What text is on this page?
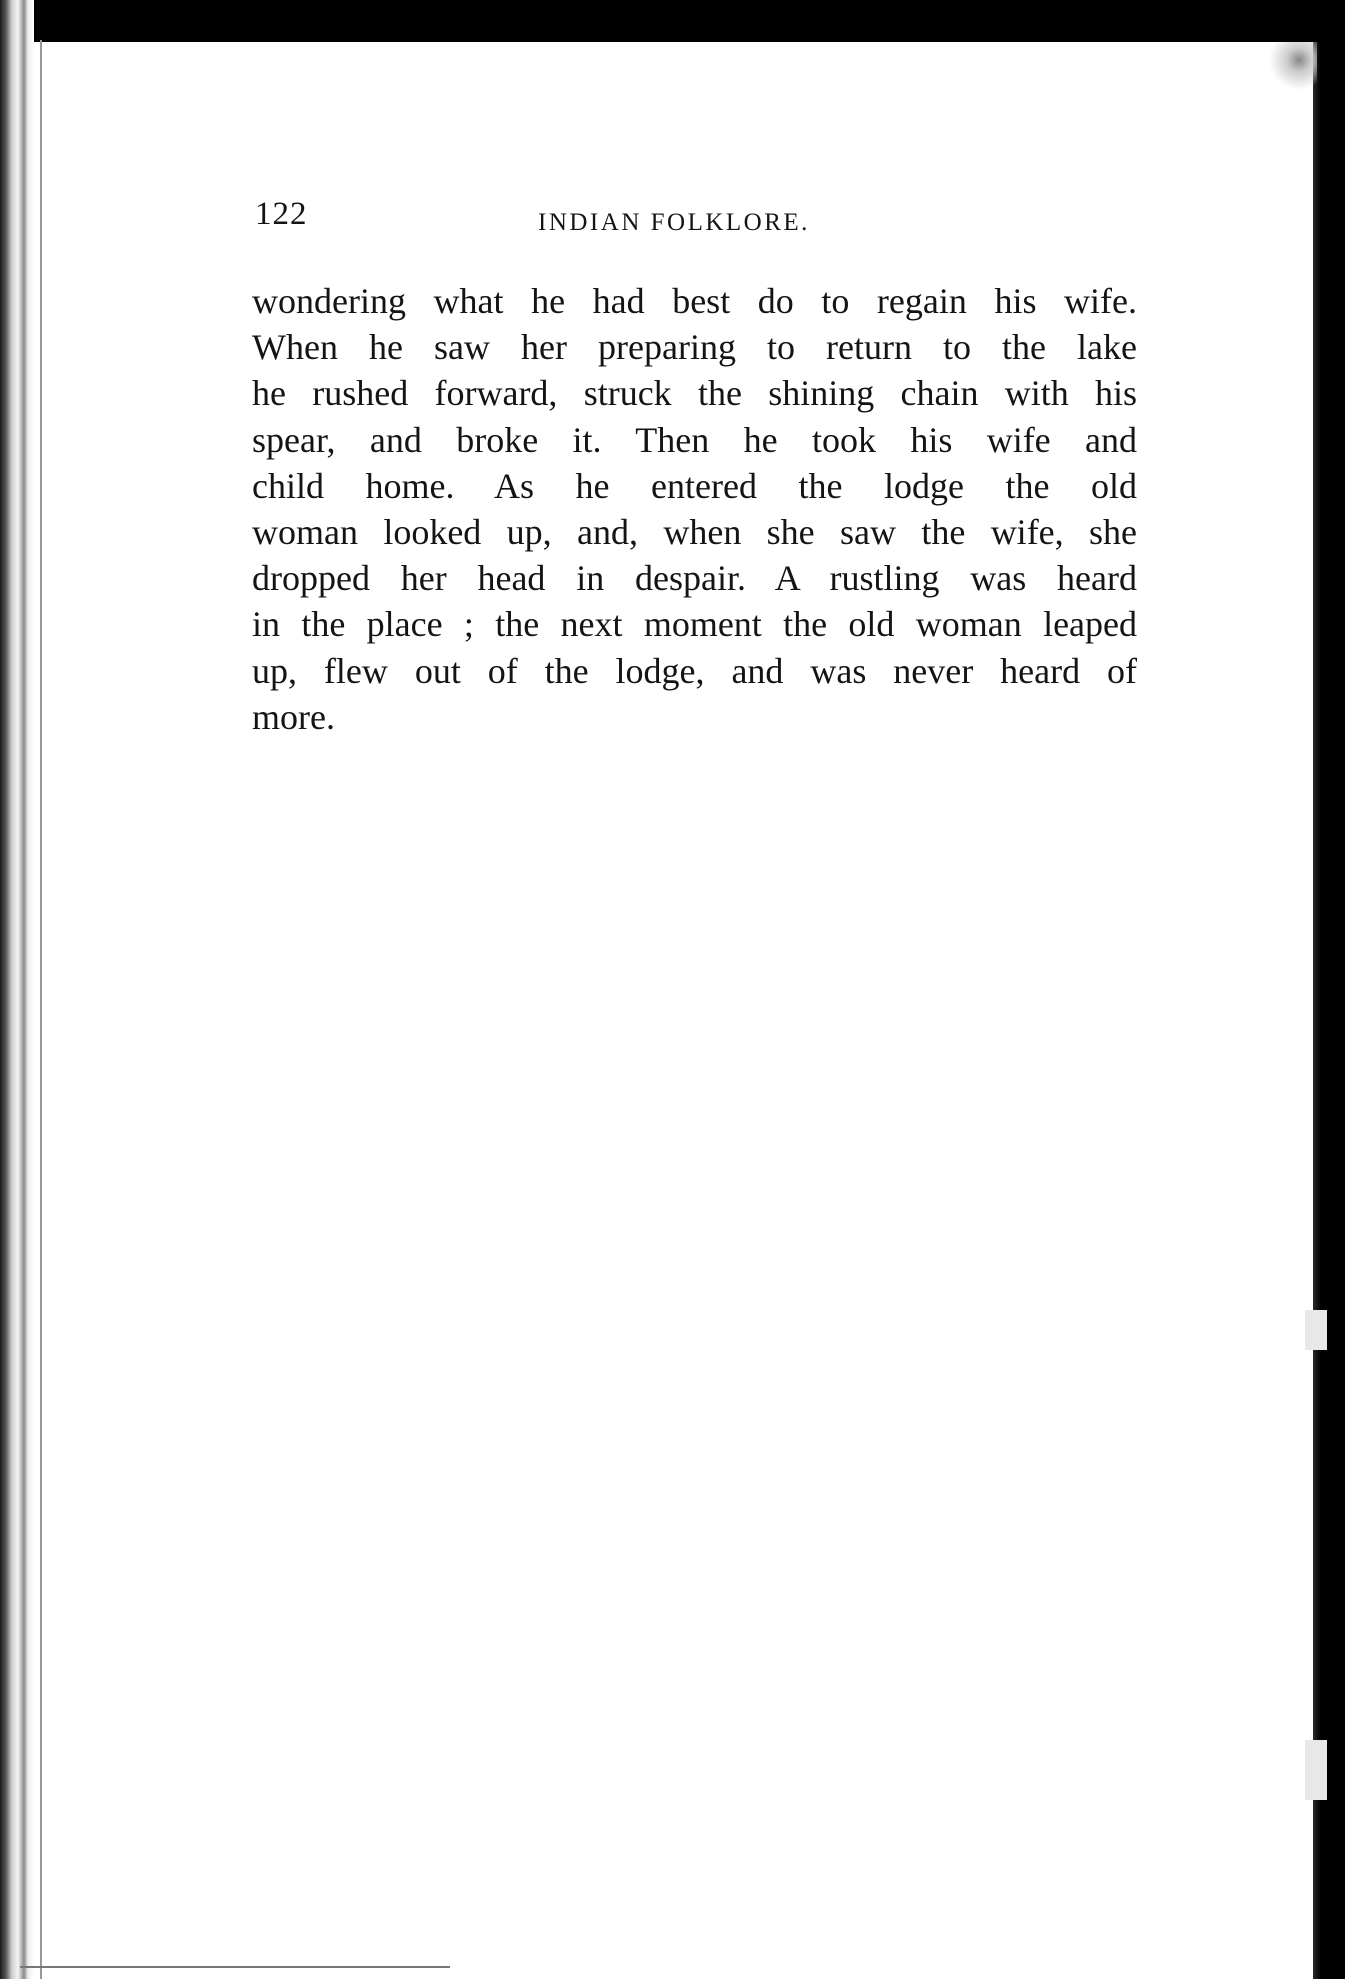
122	INDIAN FOLKLORE.
wondering what he had best do to regain his wife.
When he saw her preparing to return to the lake
he rushed forward, struck the shining chain with his
spear, and broke it. Then he took his wife and
child home. As he entered the lodge the old
woman looked up, and, when she saw the wife, she
dropped her head in despair. A rustling was heard
in the place ; the next moment the old woman leaped
up, flew out of the lodge, and was never heard of
more.
